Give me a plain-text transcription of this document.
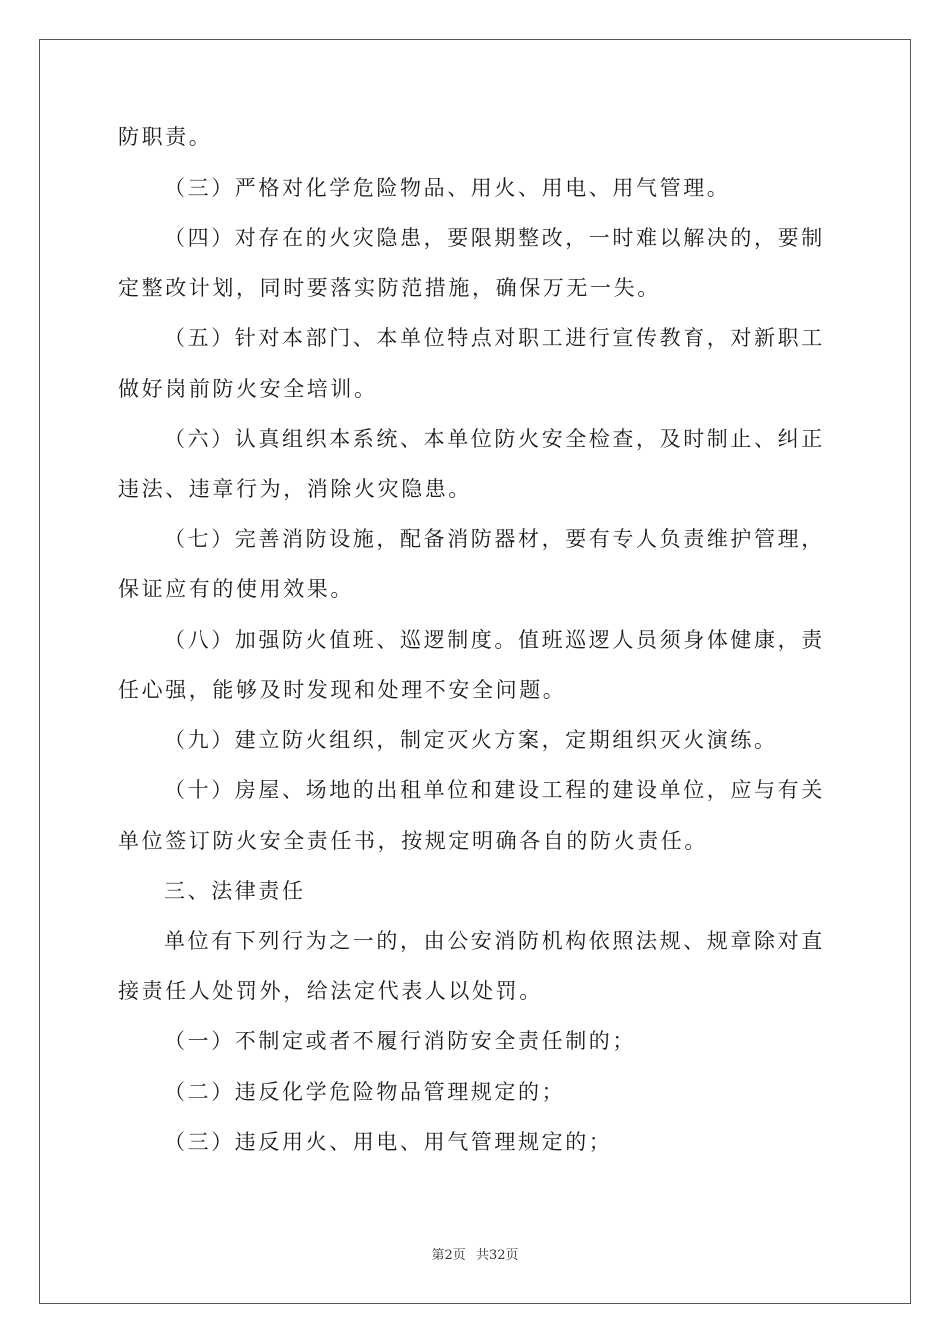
防职责。
（三）严格对化学危险物品、用火、用电、用气管理。
（四）对存在的火灾隐患，要限期整改，一时难以解决的，要制
定整改计划，同时要落实防范措施，确保万无一失。
（五）针对本部门、本单位特点对职工进行宣传教育，对新职工
做好岗前防火安全培训。
（六）认真组织本系统、本单位防火安全检查，及时制止、纠正
违法、违章行为，消除火灾隐患。
（七）完善消防设施，配备消防器材，要有专人负责维护管理，
保证应有的使用效果。
（八）加强防火值班、巡逻制度。值班巡逻人员须身体健康，责
任心强，能够及时发现和处理不安全问题。
（九）建立防火组织，制定灭火方案，定期组织灭火演练。
（十）房屋、场地的出租单位和建设工程的建设单位，应与有关
单位签订防火安全责任书，按规定明确各自的防火责任。
三、法律责任
单位有下列行为之一的，由公安消防机构依照法规、规章除对直
接责任人处罚外，给法定代表人以处罚。
（一）不制定或者不履行消防安全责任制的；
（二）违反化学危险物品管理规定的；
（三）违反用火、用电、用气管理规定的；
第2页 共32页
